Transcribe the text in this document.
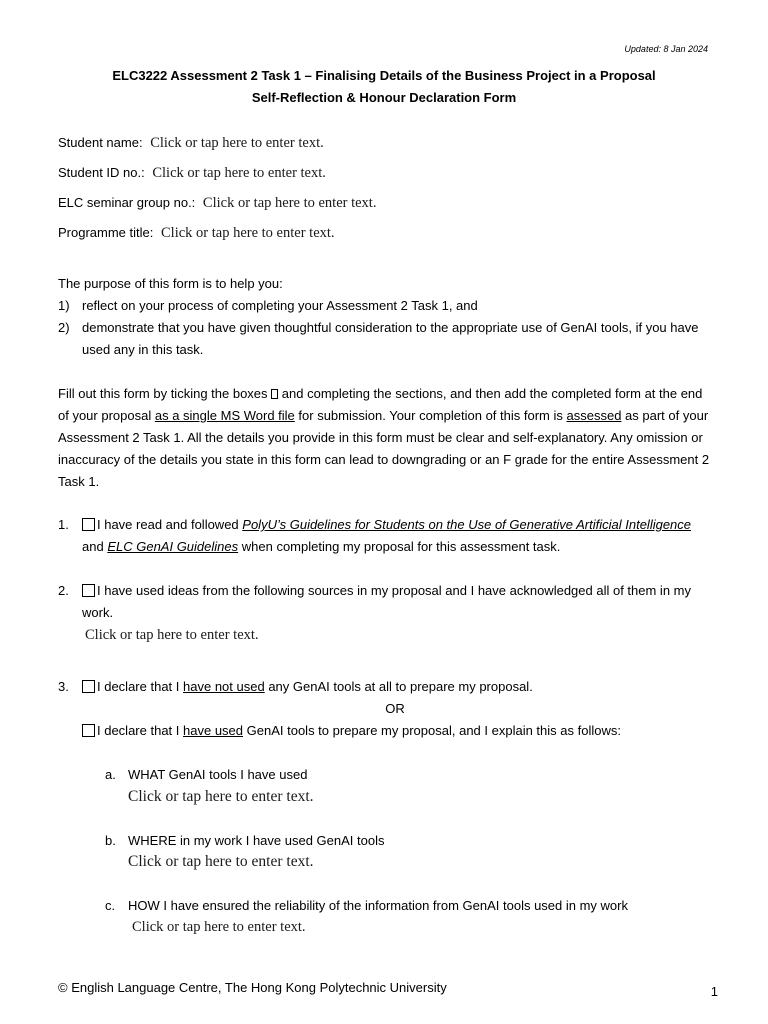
Updated: 8 Jan 2024
ELC3222 Assessment 2 Task 1 – Finalising Details of the Business Project in a Proposal
Self-Reflection & Honour Declaration Form
Student name: Click or tap here to enter text.
Student ID no.: Click or tap here to enter text.
ELC seminar group no.: Click or tap here to enter text.
Programme title: Click or tap here to enter text.
The purpose of this form is to help you:
1) reflect on your process of completing your Assessment 2 Task 1, and
2) demonstrate that you have given thoughtful consideration to the appropriate use of GenAI tools, if you have
used any in this task.
Fill out this form by ticking the boxes and completing the sections, and then add the completed form at the end
of your proposal as a single MS Word file for submission. Your completion of this form is assessed as part of your
Assessment 2 Task 1. All the details you provide in this form must be clear and self-explanatory. Any omission or
inaccuracy of the details you state in this form can lead to downgrading or an F grade for the entire Assessment 2
Task 1.
1.	I have read and followed PolyU’s Guidelines for Students on the Use of Generative Artificial Intelligence
and ELC GenAI Guidelines when completing my proposal for this assessment task.
2.	I have used ideas from the following sources in my proposal and I have acknowledged all of them in my
work.
Click or tap here to enter text.
3.	I declare that I have not used any GenAI tools at all to prepare my proposal.
OR
I declare that I have used GenAI tools to prepare my proposal, and I explain this as follows:
a. WHAT GenAI tools I have used
Click or tap here to enter text.
b. WHERE in my work I have used GenAI tools
Click or tap here to enter text.
c. HOW I have ensured the reliability of the information from GenAI tools used in my work
Click or tap here to enter text.
© English Language Centre, The Hong Kong Polytechnic University	1
